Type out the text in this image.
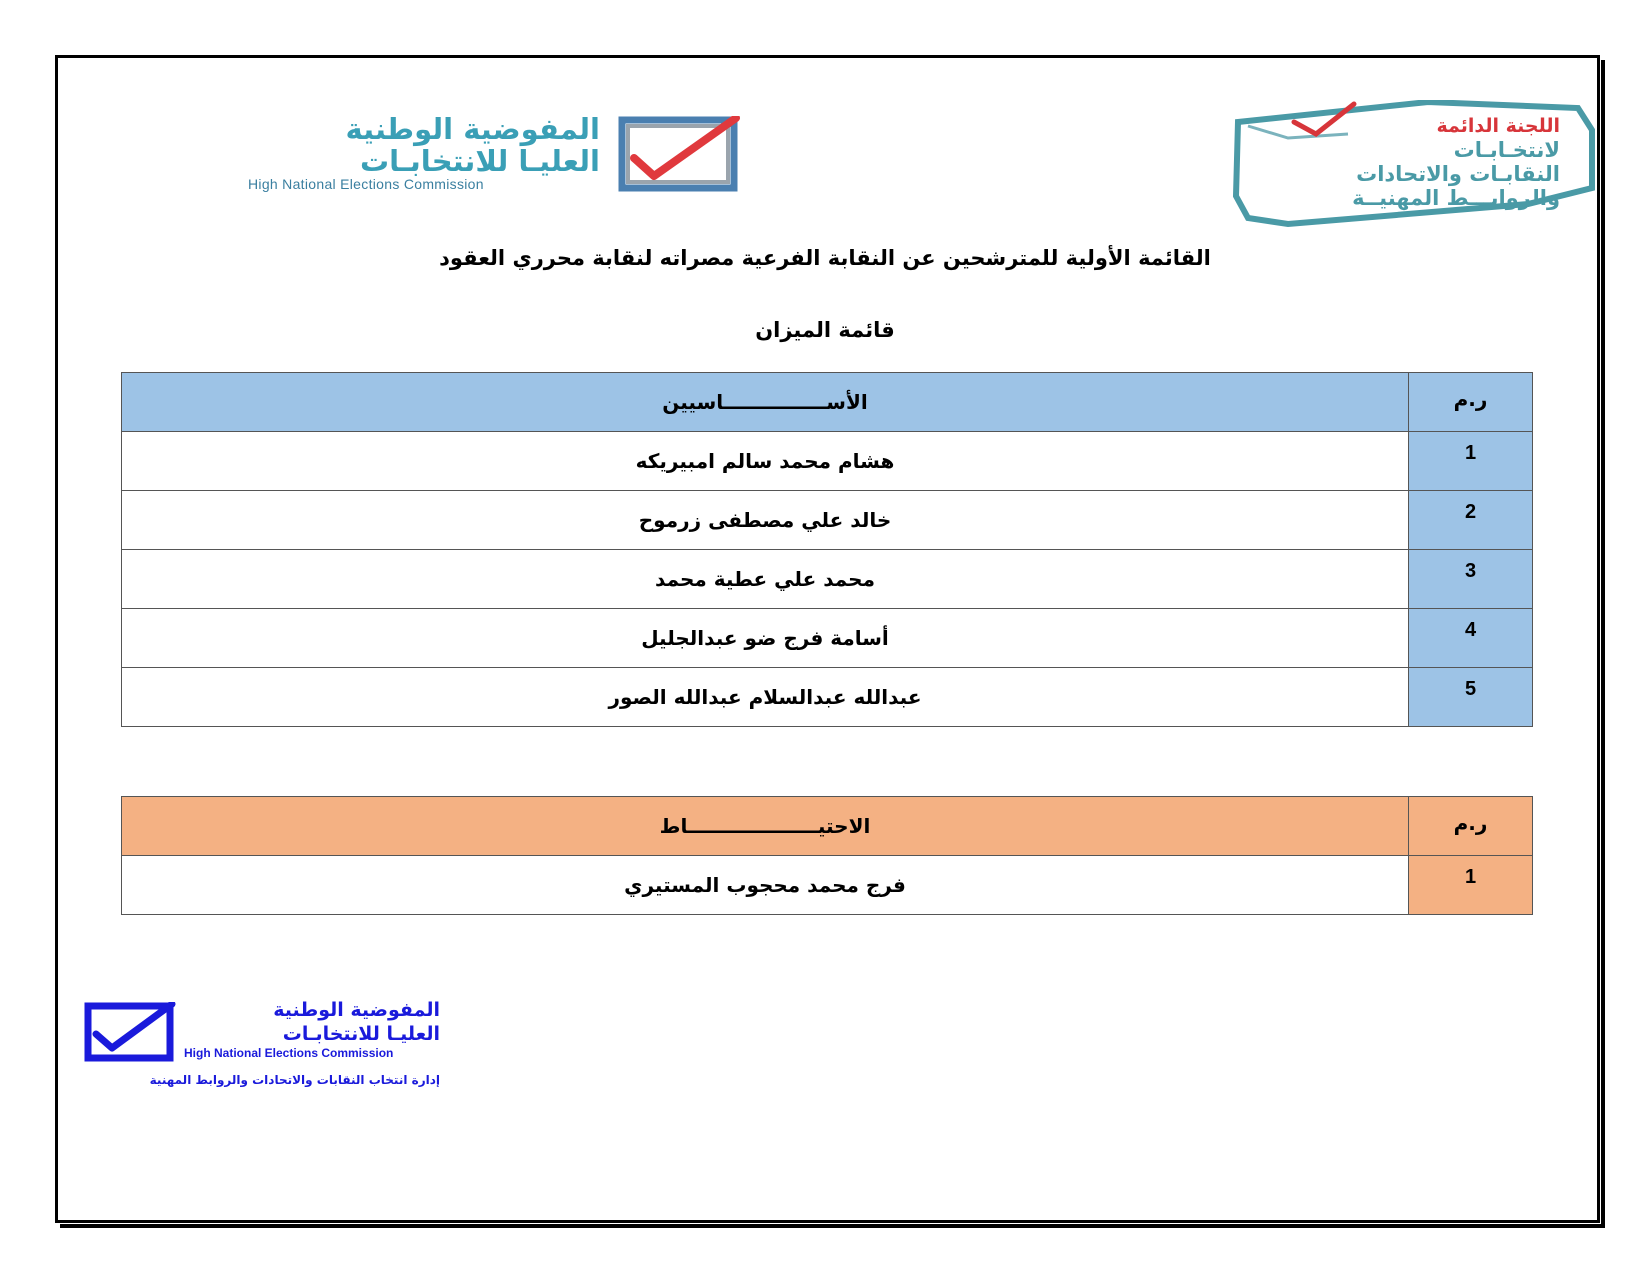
المفوضية الوطنية
العليـا للانتخابـات
High National Elections Commission
اللجنة الدائمة
لانتخـابـات
النقابـات والاتحادات
والروابـــط المهنيــة
القائمة الأولية للمترشحين عن النقابة الفرعية مصراته لنقابة محرري العقود
قائمة الميزان
ر.م	الأســـــــــــــــاسيين
1	هشام محمد سالم امبيريكه
2	خالد علي مصطفى زرموح
3	محمد علي عطية محمد
4	أسامة فرج ضو عبدالجليل
5	عبدالله عبدالسلام عبدالله الصور
ر.م	الاحتيـــــــــــــــــــاط
1	فرج محمد محجوب المستيري
المفوضية الوطنية
العليـا للانتخابـات
High National Elections Commission
إدارة انتخاب النقابات والاتحادات والروابط المهنية
